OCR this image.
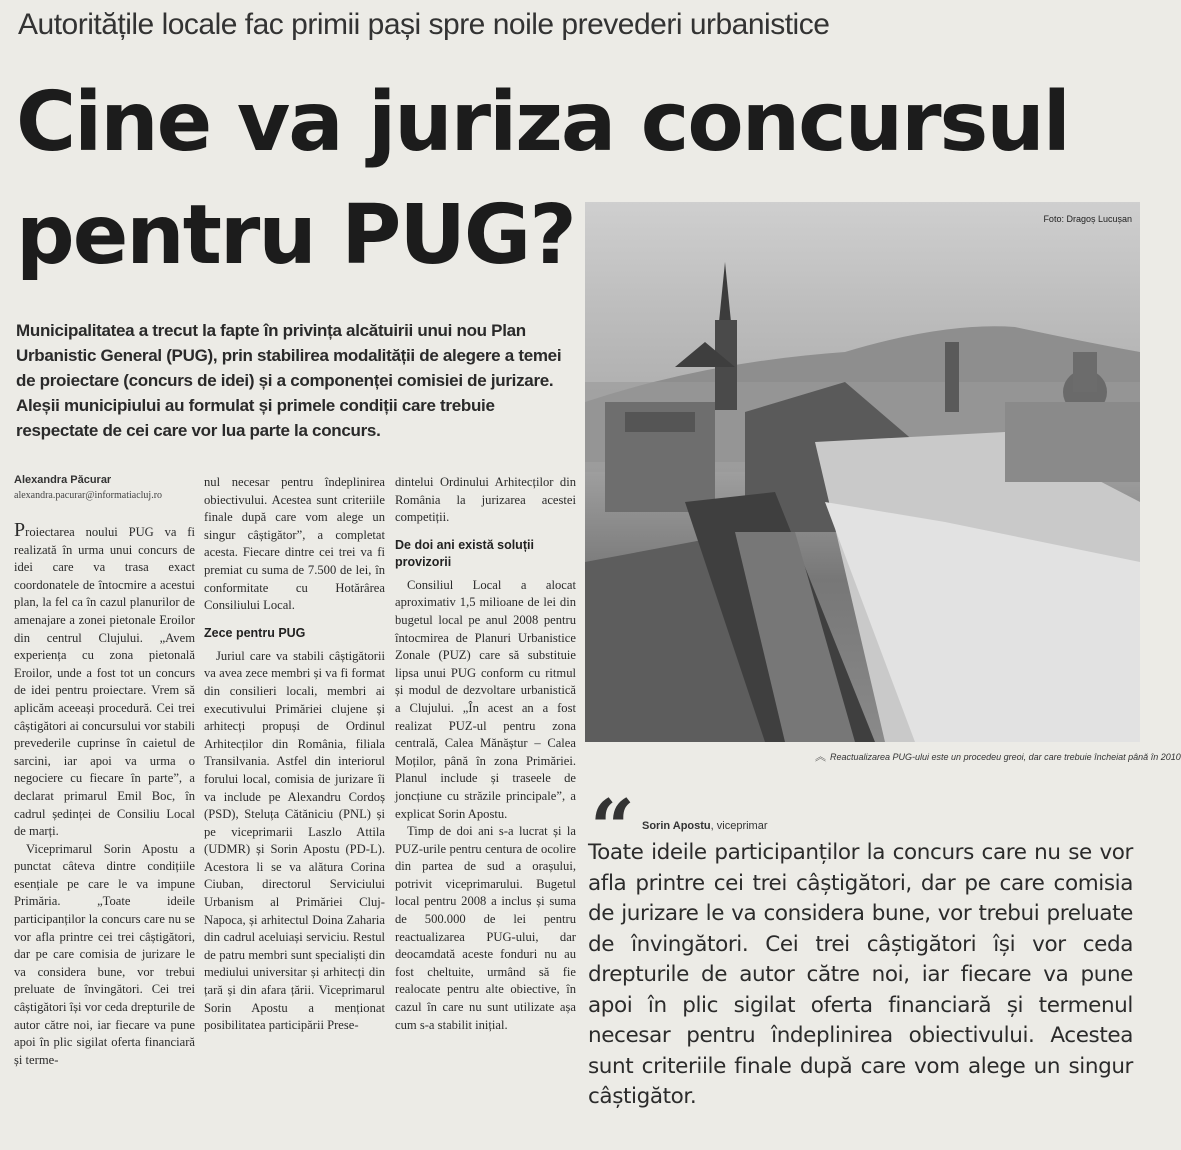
Autoritățile locale fac primii pași spre noile prevederi urbanistice
Cine va juriza concursul
pentru PUG?	Foto: Dragoș Lucușan
︽ Reactualizarea PUG-ului este un procedeu greoi, dar care trebuie încheiat până în 2010
Municipalitatea a trecut la fapte în privința alcătuirii unui nou Plan Urbanistic General (PUG), prin stabilirea modalității de alegere a temei de proiectare (concurs de idei) și a componenței comisiei de jurizare. Aleșii municipiului au formulat și primele condiții care trebuie respectate de cei care vor lua parte la concurs.
Alexandra Păcurar
alexandra.pacurar@informatiacluj.ro

Proiectarea noului PUG va fi realizată în urma unui concurs de idei care va trasa exact coordonatele de întocmire a acestui plan, la fel ca în cazul planurilor de amenajare a zonei pietonale Eroilor din centrul Clujului. „Avem experiența cu zona pietonală Eroilor, unde a fost tot un concurs de idei pentru proiectare. Vrem să aplicăm aceeași procedură. Cei trei câștigători ai concursului vor stabili prevederile cuprinse în caietul de sarcini, iar apoi va urma o negociere cu fiecare în parte”, a declarat primarul Emil Boc, în cadrul ședinței de Consiliu Local de marți.

Viceprimarul Sorin Apostu a punctat câteva dintre condițiile esențiale pe care le va impune Primăria. „Toate ideile participanților la concurs care nu se vor afla printre cei trei câștigători, dar pe care comisia de jurizare le va considera bune, vor trebui preluate de învingători. Cei trei câștigători își vor ceda drepturile de autor către noi, iar fiecare va pune apoi în plic sigilat oferta financiară și terme-

nul necesar pentru îndeplinirea obiectivului. Acestea sunt criteriile finale după care vom alege un singur câștigător”, a completat acesta. Fiecare dintre cei trei va fi premiat cu suma de 7.500 de lei, în conformitate cu Hotărârea Consiliului Local.

Zece pentru PUG

Juriul care va stabili câștigătorii va avea zece membri și va fi format din consilieri locali, membri ai executivului Primăriei clujene și arhitecți propuși de Ordinul Arhitecților din România, filiala Transilvania. Astfel din interiorul forului local, comisia de jurizare îi va include pe Alexandru Cordoș (PSD), Steluța Cătăniciu (PNL) și pe viceprimarii Laszlo Attila (UDMR) și Sorin Apostu (PD-L). Acestora li se va alătura Corina Ciuban, directorul Serviciului Urbanism al Primăriei Cluj-Napoca, și arhitectul Doina Zaharia din cadrul aceluiași serviciu. Restul de patru membri sunt specialiști din mediului universitar și arhitecți din țară și din afara țării. Viceprimarul Sorin Apostu a menționat posibilitatea participării Prese-

dintelui Ordinului Arhitecților din România la jurizarea acestei competiții.

De doi ani există soluții provizorii

Consiliul Local a alocat aproximativ 1,5 milioane de lei din bugetul local pe anul 2008 pentru întocmirea de Planuri Urbanistice Zonale (PUZ) care să substituie lipsa unui PUG conform cu ritmul și modul de dezvoltare urbanistică a Clujului. „În acest an a fost realizat PUZ-ul pentru zona centrală, Calea Mănăștur – Calea Moților, până în zona Primăriei. Planul include și traseele de joncțiune cu străzile principale”, a explicat Sorin Apostu.

Timp de doi ani s-a lucrat și la PUZ-urile pentru centura de ocolire din partea de sud a orașului, potrivit viceprimarului. Bugetul local pentru 2008 a inclus și suma de 500.000 de lei pentru reactualizarea PUG-ului, dar deocamdată aceste fonduri nu au fost cheltuite, urmând să fie realocate pentru alte obiective, în cazul în care nu sunt utilizate așa cum s-a stabilit inițial.

“ Sorin Apostu, viceprimar
Toate ideile participanților la concurs care nu se vor afla printre cei trei câștigători, dar pe care comisia de jurizare le va considera bune, vor trebui preluate de învingători. Cei trei câștigători își vor ceda drepturile de autor către noi, iar fiecare va pune apoi în plic sigilat oferta financiară și termenul necesar pentru îndeplinirea obiectivului. Acestea sunt criteriile finale după care vom alege un singur câștigător.
